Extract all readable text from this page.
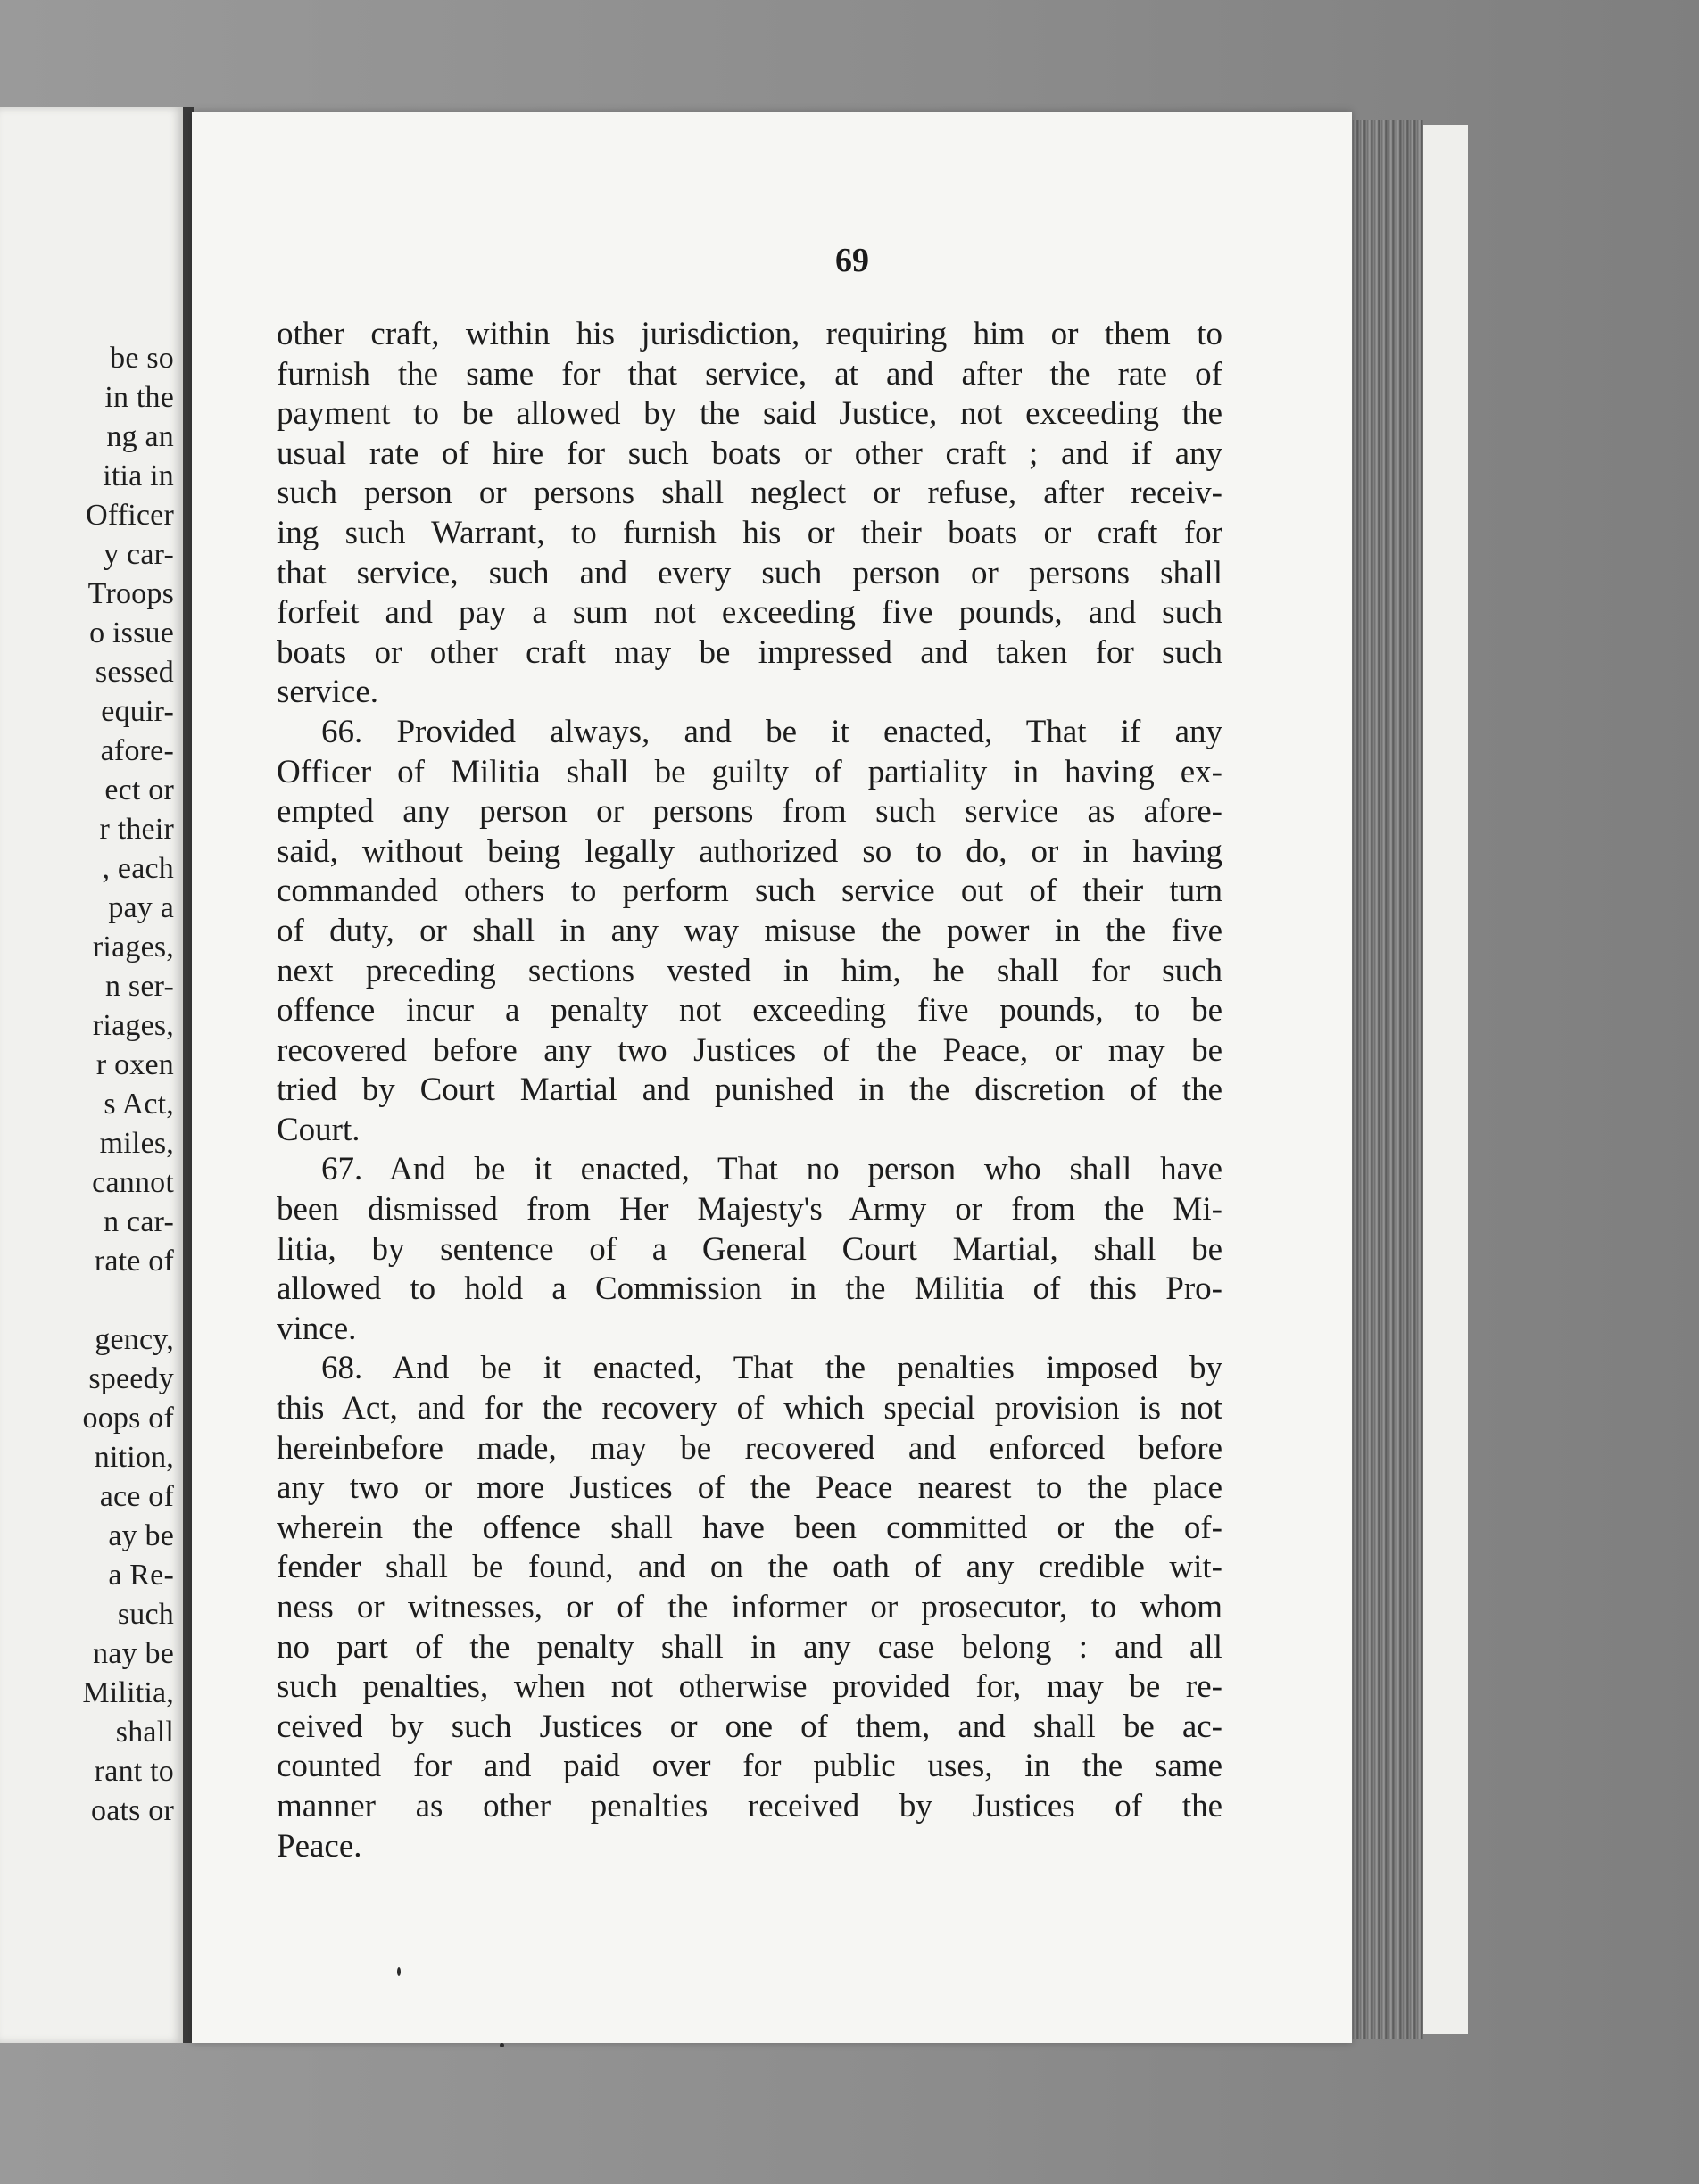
be so
in the
ng an
itia in
Officer
y car-
Troops
o issue
sessed
equir-
afore-
ect or
r their
, each
pay a
riages,
n ser-
riages,
r oxen
s Act,
miles,
cannot
n car-
rate of
gency,
speedy
oops of
nition,
ace of
ay be
a Re-
such
nay be
Militia,
shall
rant to
oats or
69
other craft, within his jurisdiction, requiring him or them to
furnish the same for that service, at and after the rate of
payment to be allowed by the said Justice, not exceeding the
usual rate of hire for such boats or other craft ; and if any
such person or persons shall neglect or refuse, after receiv-
ing such Warrant, to furnish his or their boats or craft for
that service, such and every such person or persons shall
forfeit and pay a sum not exceeding five pounds, and such
boats or other craft may be impressed and taken for such
service.
66. Provided always, and be it enacted, That if any
Officer of Militia shall be guilty of partiality in having ex-
empted any person or persons from such service as afore-
said, without being legally authorized so to do, or in having
commanded others to perform such service out of their turn
of duty, or shall in any way misuse the power in the five
next preceding sections vested in him, he shall for such
offence incur a penalty not exceeding five pounds, to be
recovered before any two Justices of the Peace, or may be
tried by Court Martial and punished in the discretion of the
Court.
67. And be it enacted, That no person who shall have
been dismissed from Her Majesty's Army or from the Mi-
litia, by sentence of a General Court Martial, shall be
allowed to hold a Commission in the Militia of this Pro-
vince.
68. And be it enacted, That the penalties imposed by
this Act, and for the recovery of which special provision is not
hereinbefore made, may be recovered and enforced before
any two or more Justices of the Peace nearest to the place
wherein the offence shall have been committed or the of-
fender shall be found, and on the oath of any credible wit-
ness or witnesses, or of the informer or prosecutor, to whom
no part of the penalty shall in any case belong : and all
such penalties, when not otherwise provided for, may be re-
ceived by such Justices or one of them, and shall be ac-
counted for and paid over for public uses, in the same
manner as other penalties received by Justices of the
Peace.
